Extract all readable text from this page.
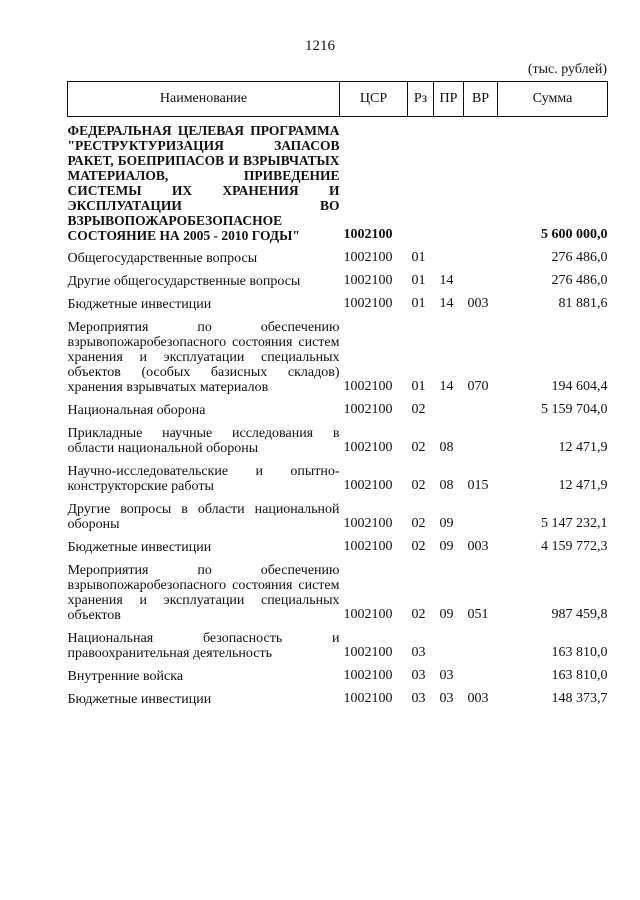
1216
(тыс. рублей)
Наименование	ЦСР	Рз	ПР	ВР	Сумма
ФЕДЕРАЛЬНАЯ ЦЕЛЕВАЯ ПРОГРАММА "РЕСТРУКТУРИЗАЦИЯ ЗАПАСОВ РАКЕТ, БОЕПРИПАСОВ И ВЗРЫВЧАТЫХ МАТЕРИАЛОВ, ПРИВЕДЕНИЕ СИСТЕМЫ ИХ ХРАНЕНИЯ И ЭКСПЛУАТАЦИИ ВО ВЗРЫВОПОЖАРОБЕЗОПАСНОЕ СОСТОЯНИЕ НА 2005 - 2010 ГОДЫ"	1002100				5 600 000,0
Общегосударственные вопросы	1002100	01			276 486,0
Другие общегосударственные вопросы	1002100	01	14		276 486,0
Бюджетные инвестиции	1002100	01	14	003	81 881,6
Мероприятия по обеспечению взрывопожаробезопасного состояния систем хранения и эксплуатации специальных объектов (особых базисных складов) хранения взрывчатых материалов	1002100	01	14	070	194 604,4
Национальная оборона	1002100	02			5 159 704,0
Прикладные научные исследования в области национальной обороны	1002100	02	08		12 471,9
Научно-исследовательские и опытно-конструкторские работы	1002100	02	08	015	12 471,9
Другие вопросы в области национальной обороны	1002100	02	09		5 147 232,1
Бюджетные инвестиции	1002100	02	09	003	4 159 772,3
Мероприятия по обеспечению взрывопожаробезопасного состояния систем хранения и эксплуатации специальных объектов	1002100	02	09	051	987 459,8
Национальная безопасность и правоохранительная деятельность	1002100	03			163 810,0
Внутренние войска	1002100	03	03		163 810,0
Бюджетные инвестиции	1002100	03	03	003	148 373,7
